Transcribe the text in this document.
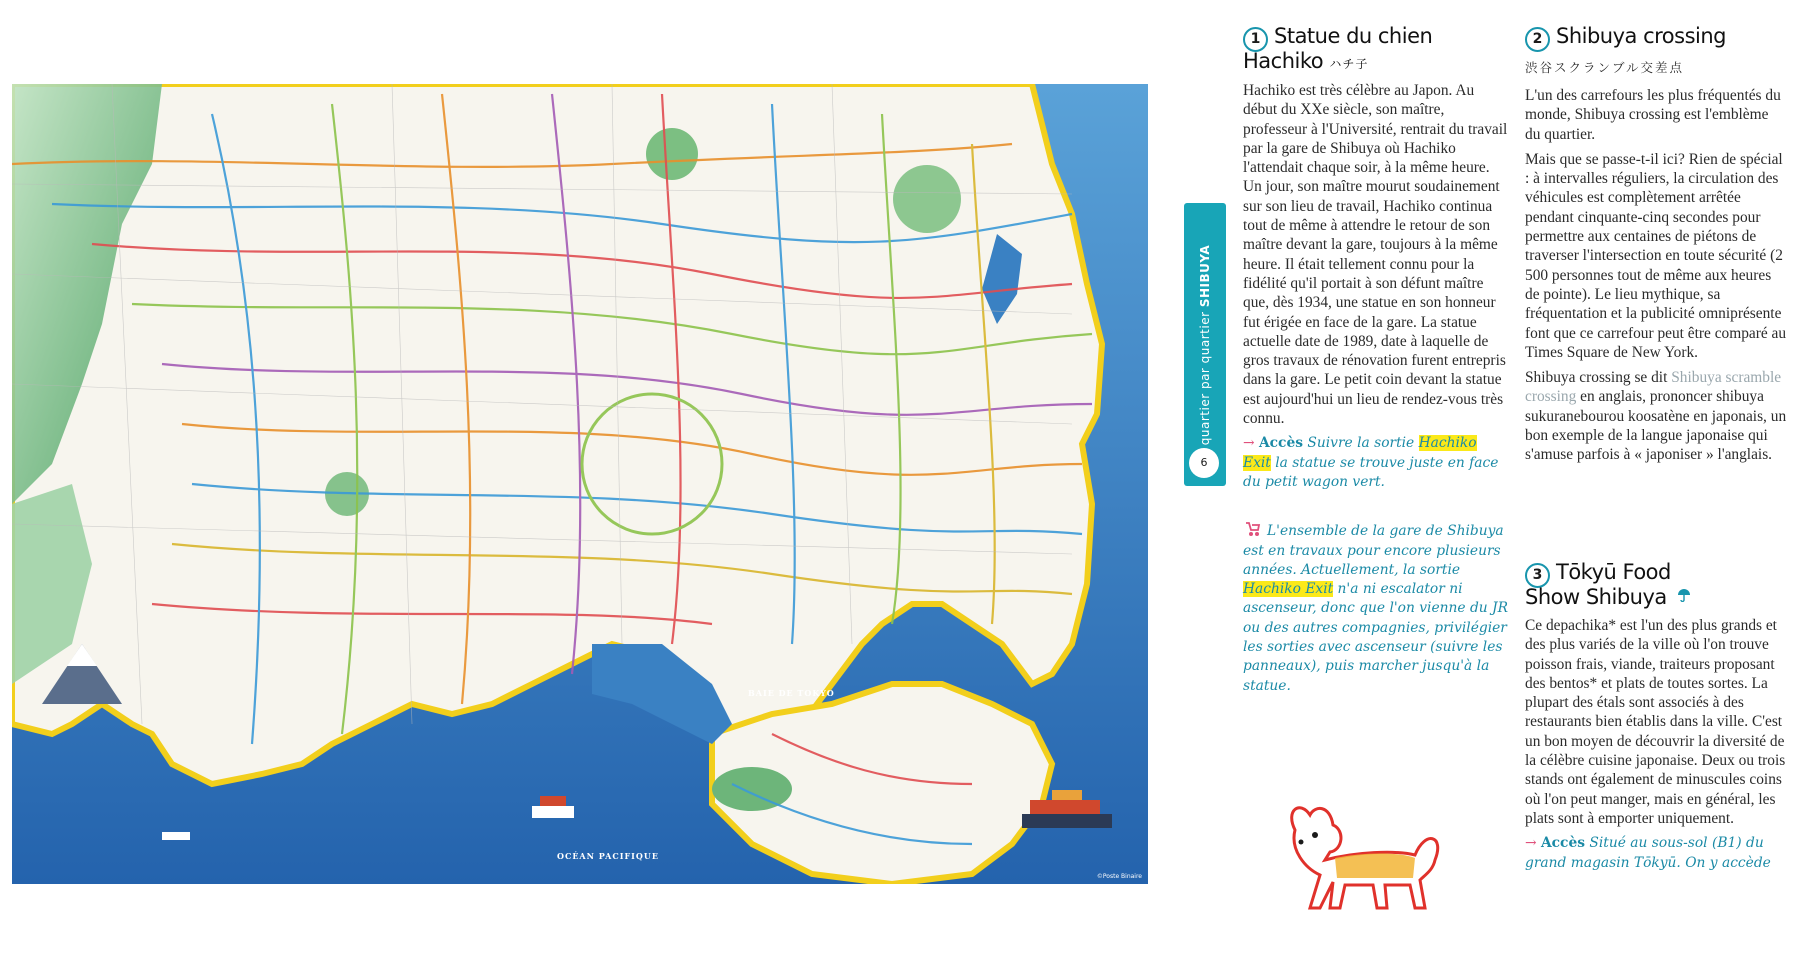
BAIE DE TOKYO
OCÉAN PACIFIQUE
©Poste Binaire
quartier par quartier SHIBUYA
6
1 Statue du chien
Hachiko ハチ子

Hachiko est très célèbre au Japon. Au début du XXe siècle, son maître, professeur à l'Université, rentrait du travail par la gare de Shibuya où Hachiko l'attendait chaque soir, à la même heure. Un jour, son maître mourut soudainement sur son lieu de travail, Hachiko continua tout de même à attendre le retour de son maître devant la gare, toujours à la même heure. Il était tellement connu pour la fidélité qu'il portait à son défunt maître que, dès 1934, une statue en son honneur fut érigée en face de la gare. La statue actuelle date de 1989, date à laquelle de gros travaux de rénovation furent entrepris dans la gare. Le petit coin devant la statue est aujourd'hui un lieu de rendez-vous très connu.

→ Accès Suivre la sortie Hachiko Exit la statue se trouve juste en face du petit wagon vert.

L'ensemble de la gare de Shibuya est en travaux pour encore plusieurs années. Actuellement, la sortie Hachiko Exit n'a ni escalator ni ascenseur, donc que l'on vienne du JR ou des autres compagnies, privilégier les sorties avec ascenseur (suivre les panneaux), puis marcher jusqu'à la statue.

2 Shibuya crossing
渋谷スクランブル交差点

L'un des carrefours les plus fréquentés du monde, Shibuya crossing est l'emblème du quartier.

Mais que se passe-t-il ici? Rien de spécial : à intervalles réguliers, la circulation des véhicules est complètement arrêtée pendant cinquante-cinq secondes pour permettre aux centaines de piétons de traverser l'intersection en toute sécurité (2 500 personnes tout de même aux heures de pointe). Le lieu mythique, sa fréquentation et la publicité omniprésente font que ce carrefour peut être comparé au Times Square de New York.

Shibuya crossing se dit Shibuya scramble crossing en anglais, prononcer shibuya sukuranebourou koosatène en japonais, un bon exemple de la langue japonaise qui s'amuse parfois à « japoniser » l'anglais.

3 Tōkyū Food
Show Shibuya

Ce depachika* est l'un des plus grands et des plus variés de la ville où l'on trouve poisson frais, viande, traiteurs proposant des bentos* et plats de toutes sortes. La plupart des étals sont associés à des restaurants bien établis dans la ville. C'est un bon moyen de découvrir la diversité de la célèbre cuisine japonaise. Deux ou trois stands ont également de minuscules coins où l'on peut manger, mais en général, les plats sont à emporter uniquement.

→ Accès Situé au sous-sol (B1) du grand magasin Tōkyū. On y accède
